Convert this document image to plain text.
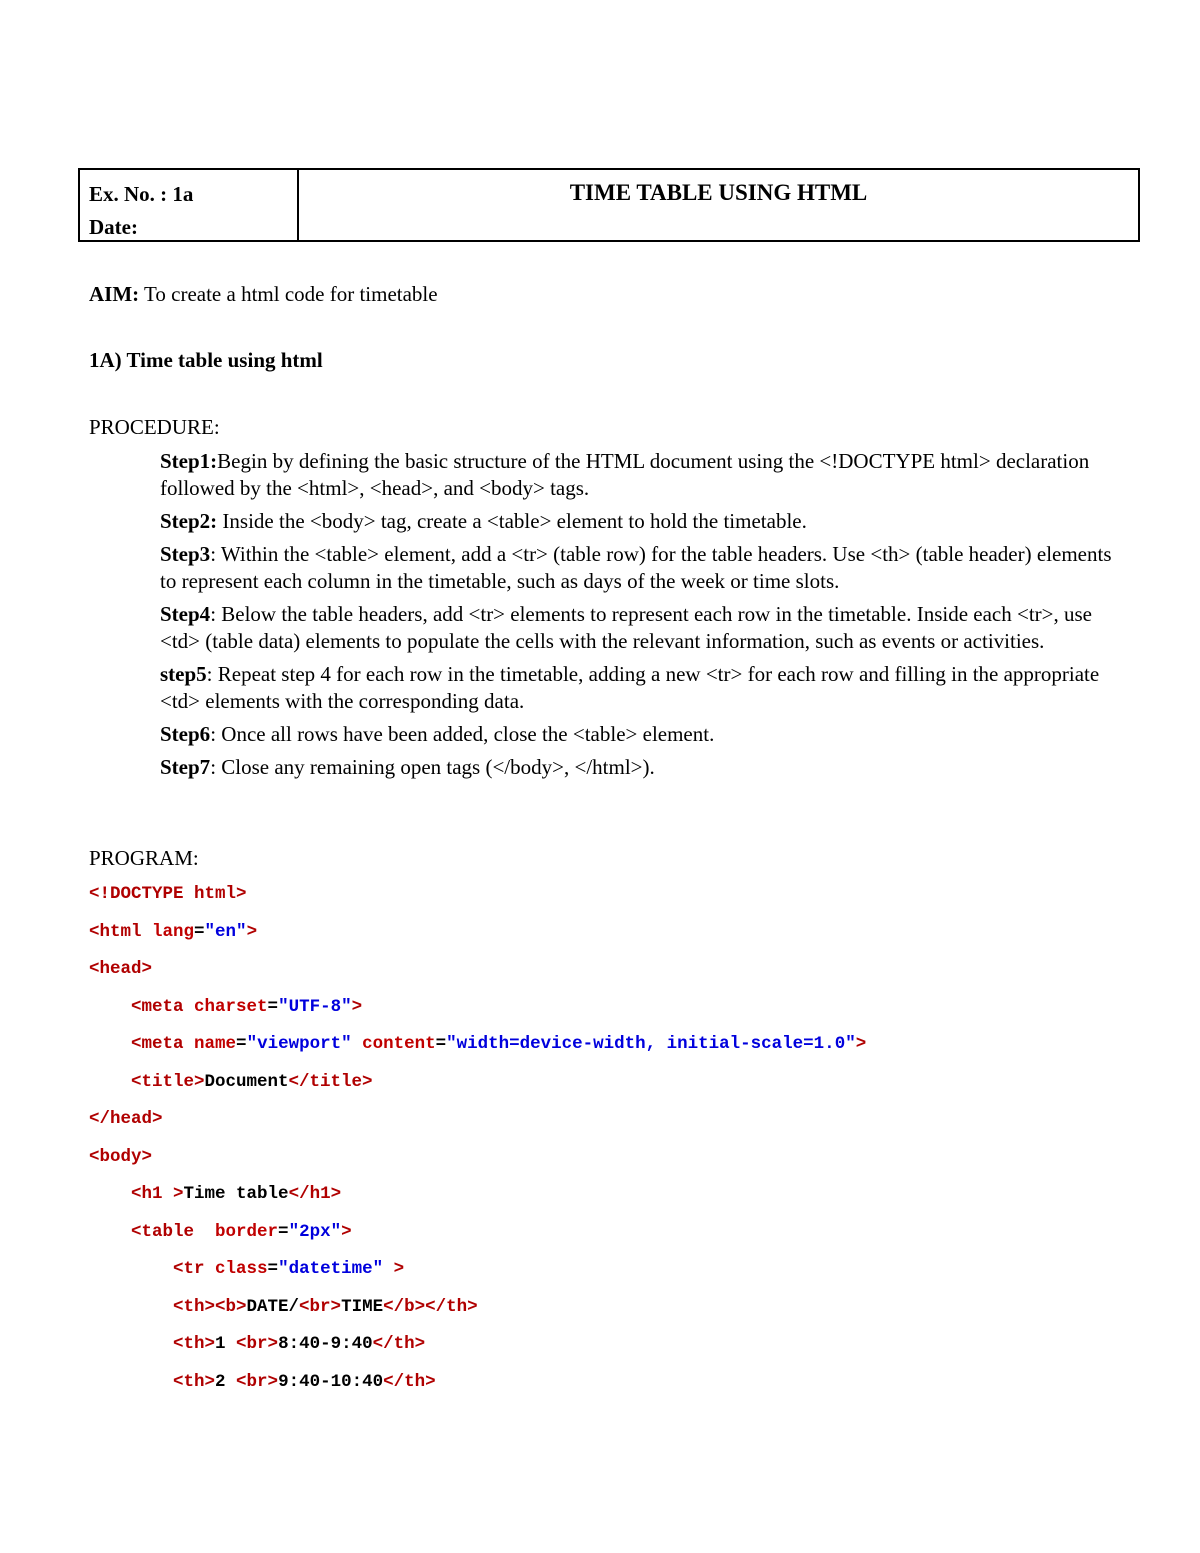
Ex. No. : 1a
Date:
TIME TABLE USING HTML
AIM: To create a html code for timetable
1A) Time table using html
PROCEDURE:
Step1:Begin by defining the basic structure of the HTML document using the <!DOCTYPE html> declaration followed by the <html>, <head>, and <body> tags.
Step2: Inside the <body> tag, create a <table> element to hold the timetable.
Step3: Within the <table> element, add a <tr> (table row) for the table headers. Use <th> (table header) elements to represent each column in the timetable, such as days of the week or time slots.
Step4: Below the table headers, add <tr> elements to represent each row in the timetable. Inside each <tr>, use <td> (table data) elements to populate the cells with the relevant information, such as events or activities.
step5: Repeat step 4 for each row in the timetable, adding a new <tr> for each row and filling in the appropriate <td> elements with the corresponding data.
Step6: Once all rows have been added, close the <table> element.
Step7: Close any remaining open tags (</body>, </html>).
PROGRAM:
<!DOCTYPE html>
<html lang="en">
<head>
<meta charset="UTF-8">
<meta name="viewport" content="width=device-width, initial-scale=1.0">
<title>Document</title>
</head>
<body>
<h1 >Time table</h1>
<table  border="2px">
<tr class="datetime" >
<th><b>DATE/<br>TIME</b></th>
<th>1 <br>8:40-9:40</th>
<th>2 <br>9:40-10:40</th>
